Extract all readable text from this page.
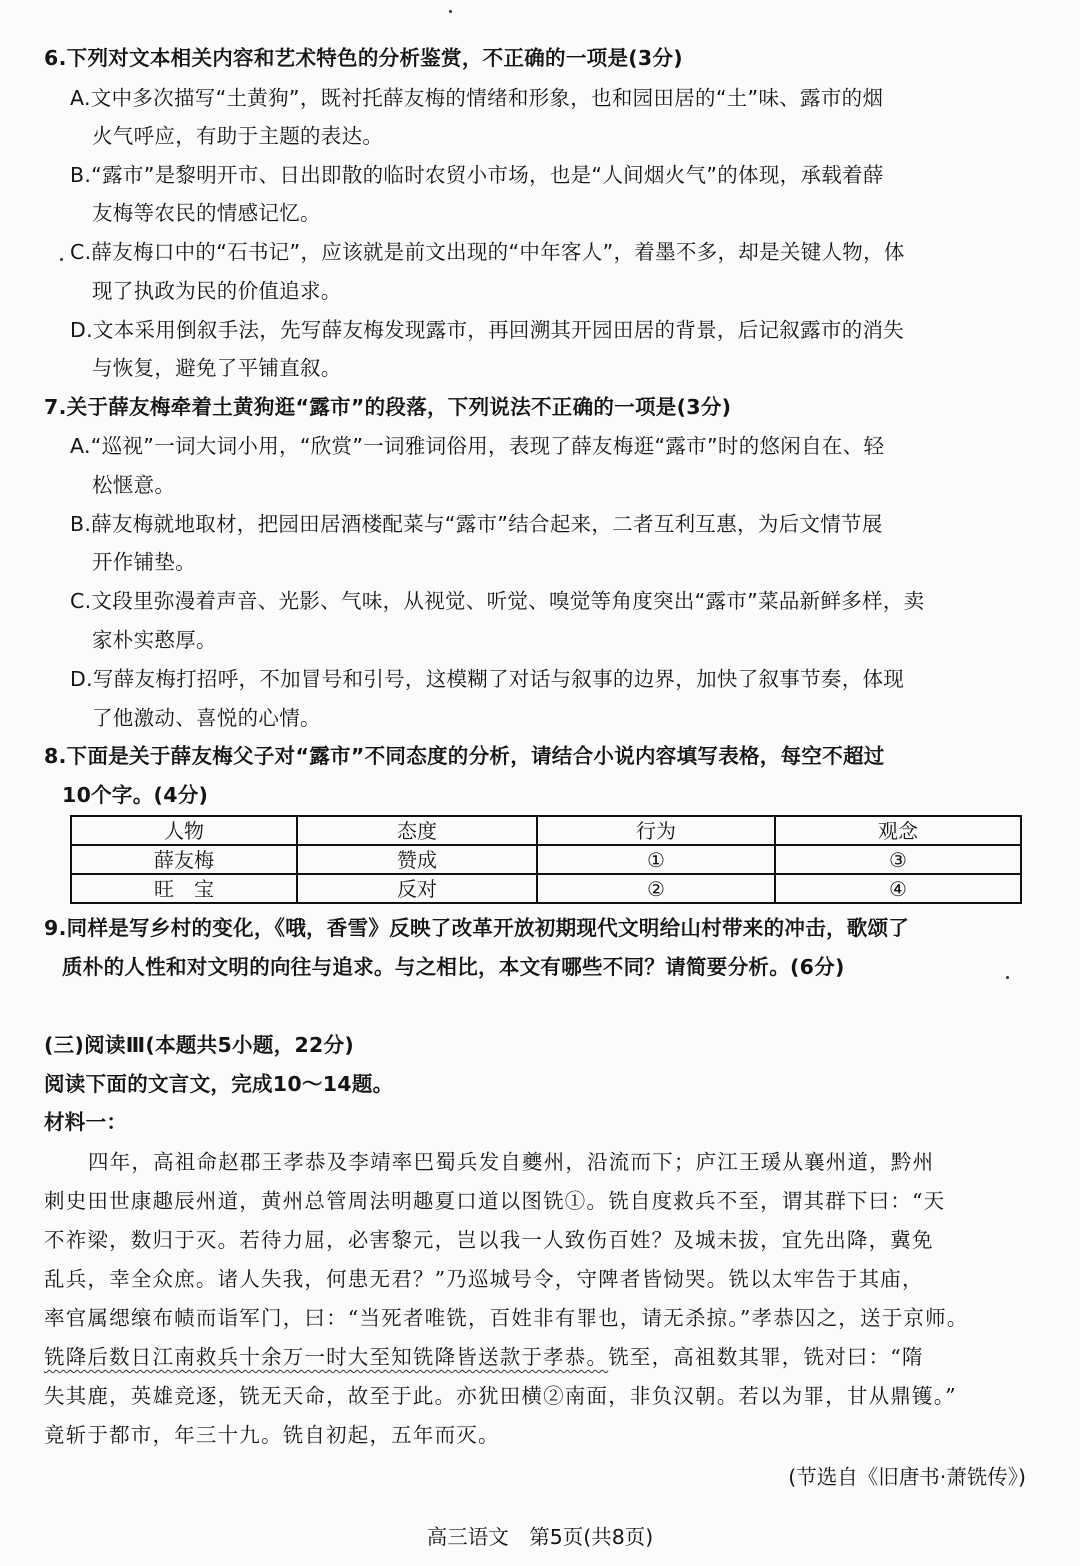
6.下列对文本相关内容和艺术特色的分析鉴赏，不正确的一项是(3分)
A.文中多次描写“土黄狗”，既衬托薛友梅的情绪和形象，也和园田居的“土”味、露市的烟
火气呼应，有助于主题的表达。
B.“露市”是黎明开市、日出即散的临时农贸小市场，也是“人间烟火气”的体现，承载着薛
友梅等农民的情感记忆。
C.薛友梅口中的“石书记”，应该就是前文出现的“中年客人”，着墨不多，却是关键人物，体
现了执政为民的价值追求。
D.文本采用倒叙手法，先写薛友梅发现露市，再回溯其开园田居的背景，后记叙露市的消失
与恢复，避免了平铺直叙。
7.关于薛友梅牵着土黄狗逛“露市”的段落，下列说法不正确的一项是(3分)
A.“巡视”一词大词小用，“欣赏”一词雅词俗用，表现了薛友梅逛“露市”时的悠闲自在、轻
松惬意。
B.薛友梅就地取材，把园田居酒楼配菜与“露市”结合起来，二者互利互惠，为后文情节展
开作铺垫。
C.文段里弥漫着声音、光影、气味，从视觉、听觉、嗅觉等角度突出“露市”菜品新鲜多样，卖
家朴实憨厚。
D.写薛友梅打招呼，不加冒号和引号，这模糊了对话与叙事的边界，加快了叙事节奏，体现
了他激动、喜悦的心情。
8.下面是关于薛友梅父子对“露市”不同态度的分析，请结合小说内容填写表格，每空不超过
10个字。(4分)
人物	态度	行为	观念
薛友梅	赞成	①	③
旺　宝	反对	②	④
9.同样是写乡村的变化，《哦，香雪》反映了改革开放初期现代文明给山村带来的冲击，歌颂了
质朴的人性和对文明的向往与追求。与之相比，本文有哪些不同？请简要分析。(6分)
(三)阅读Ⅲ(本题共5小题，22分)
阅读下面的文言文，完成10～14题。
材料一：
四年，高祖命赵郡王孝恭及李靖率巴蜀兵发自夔州，沿流而下；庐江王瑗从襄州道，黔州
刺史田世康趣辰州道，黄州总管周法明趣夏口道以图铣①。铣自度救兵不至，谓其群下曰：“天
不祚梁，数归于灭。若待力屈，必害黎元，岂以我一人致伤百姓？及城未拔，宜先出降，冀免
乱兵，幸全众庶。诸人失我，何患无君？”乃巡城号令，守陴者皆恸哭。铣以太牢告于其庙，
率官属缌缞布帻而诣军门，曰：“当死者唯铣，百姓非有罪也，请无杀掠。”孝恭囚之，送于京师。
铣降后数日江南救兵十余万一时大至知铣降皆送款于孝恭。铣至，高祖数其罪，铣对曰：“隋
失其鹿，英雄竞逐，铣无天命，故至于此。亦犹田横②南面，非负汉朝。若以为罪，甘从鼎镬。”
竟斩于都市，年三十九。铣自初起，五年而灭。
(节选自《旧唐书·萧铣传》)
高三语文　第5页(共8页)
